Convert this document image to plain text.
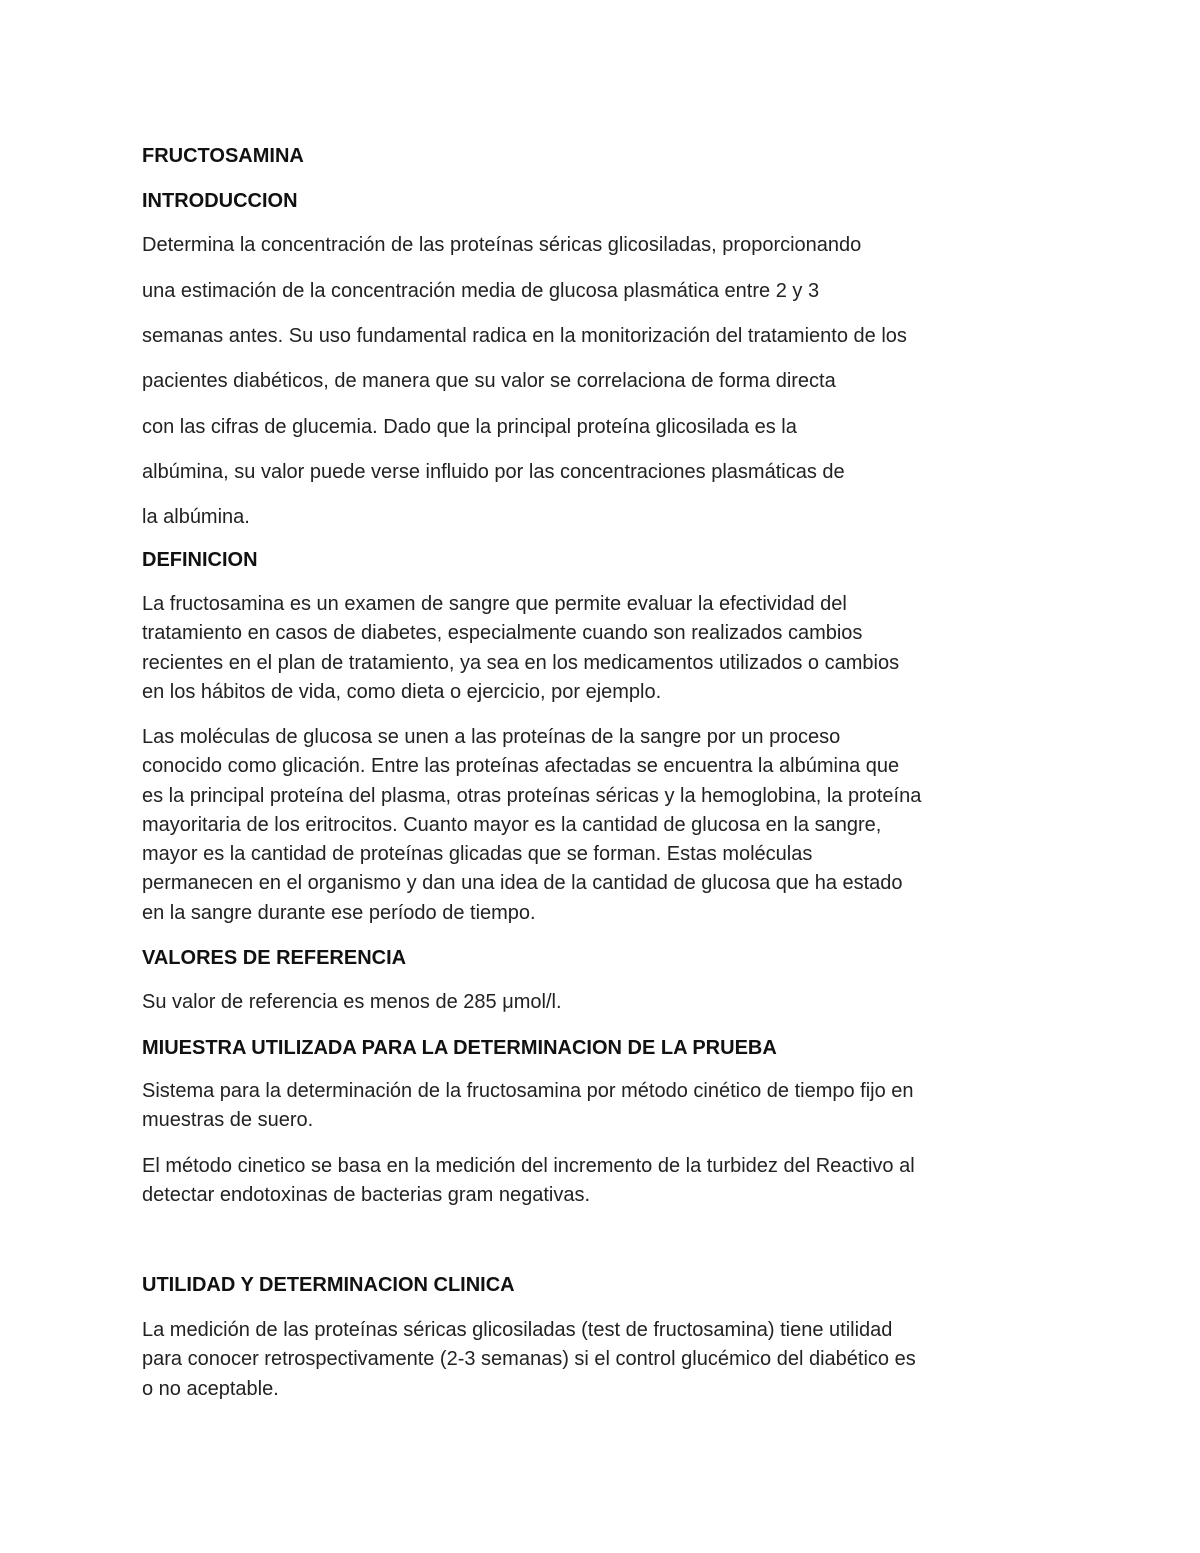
FRUCTOSAMINA
INTRODUCCION
Determina la concentración de las proteínas séricas glicosiladas, proporcionando
una estimación de la concentración media de glucosa plasmática entre 2 y 3
semanas antes. Su uso fundamental radica en la monitorización del tratamiento de los
pacientes diabéticos, de manera que su valor se correlaciona de forma directa
con las cifras de glucemia. Dado que la principal proteína glicosilada es la
albúmina, su valor puede verse influido por las concentraciones plasmáticas de
la albúmina.
DEFINICION
La fructosamina es un examen de sangre que permite evaluar la efectividad del
tratamiento en casos de diabetes, especialmente cuando son realizados cambios
recientes en el plan de tratamiento, ya sea en los medicamentos utilizados o cambios
en los hábitos de vida, como dieta o ejercicio, por ejemplo.
Las moléculas de glucosa se unen a las proteínas de la sangre por un proceso
conocido como glicación. Entre las proteínas afectadas se encuentra la albúmina que
es la principal proteína del plasma, otras proteínas séricas y la hemoglobina, la proteína
mayoritaria de los eritrocitos. Cuanto mayor es la cantidad de glucosa en la sangre,
mayor es la cantidad de proteínas glicadas que se forman. Estas moléculas
permanecen en el organismo y dan una idea de la cantidad de glucosa que ha estado
en la sangre durante ese período de tiempo.
VALORES DE REFERENCIA
Su valor de referencia es menos de 285 μmol/l.
MIUESTRA UTILIZADA PARA LA DETERMINACION DE LA PRUEBA
Sistema para la determinación de la fructosamina por método cinético de tiempo fijo en
muestras de suero.
El método cinetico se basa en la medición del incremento de la turbidez del Reactivo al
detectar endotoxinas de bacterias gram negativas.
UTILIDAD Y DETERMINACION CLINICA
La medición de las proteínas séricas glicosiladas (test de fructosamina) tiene utilidad
para conocer retrospectivamente (2-3 semanas) si el control glucémico del diabético es
o no aceptable.
